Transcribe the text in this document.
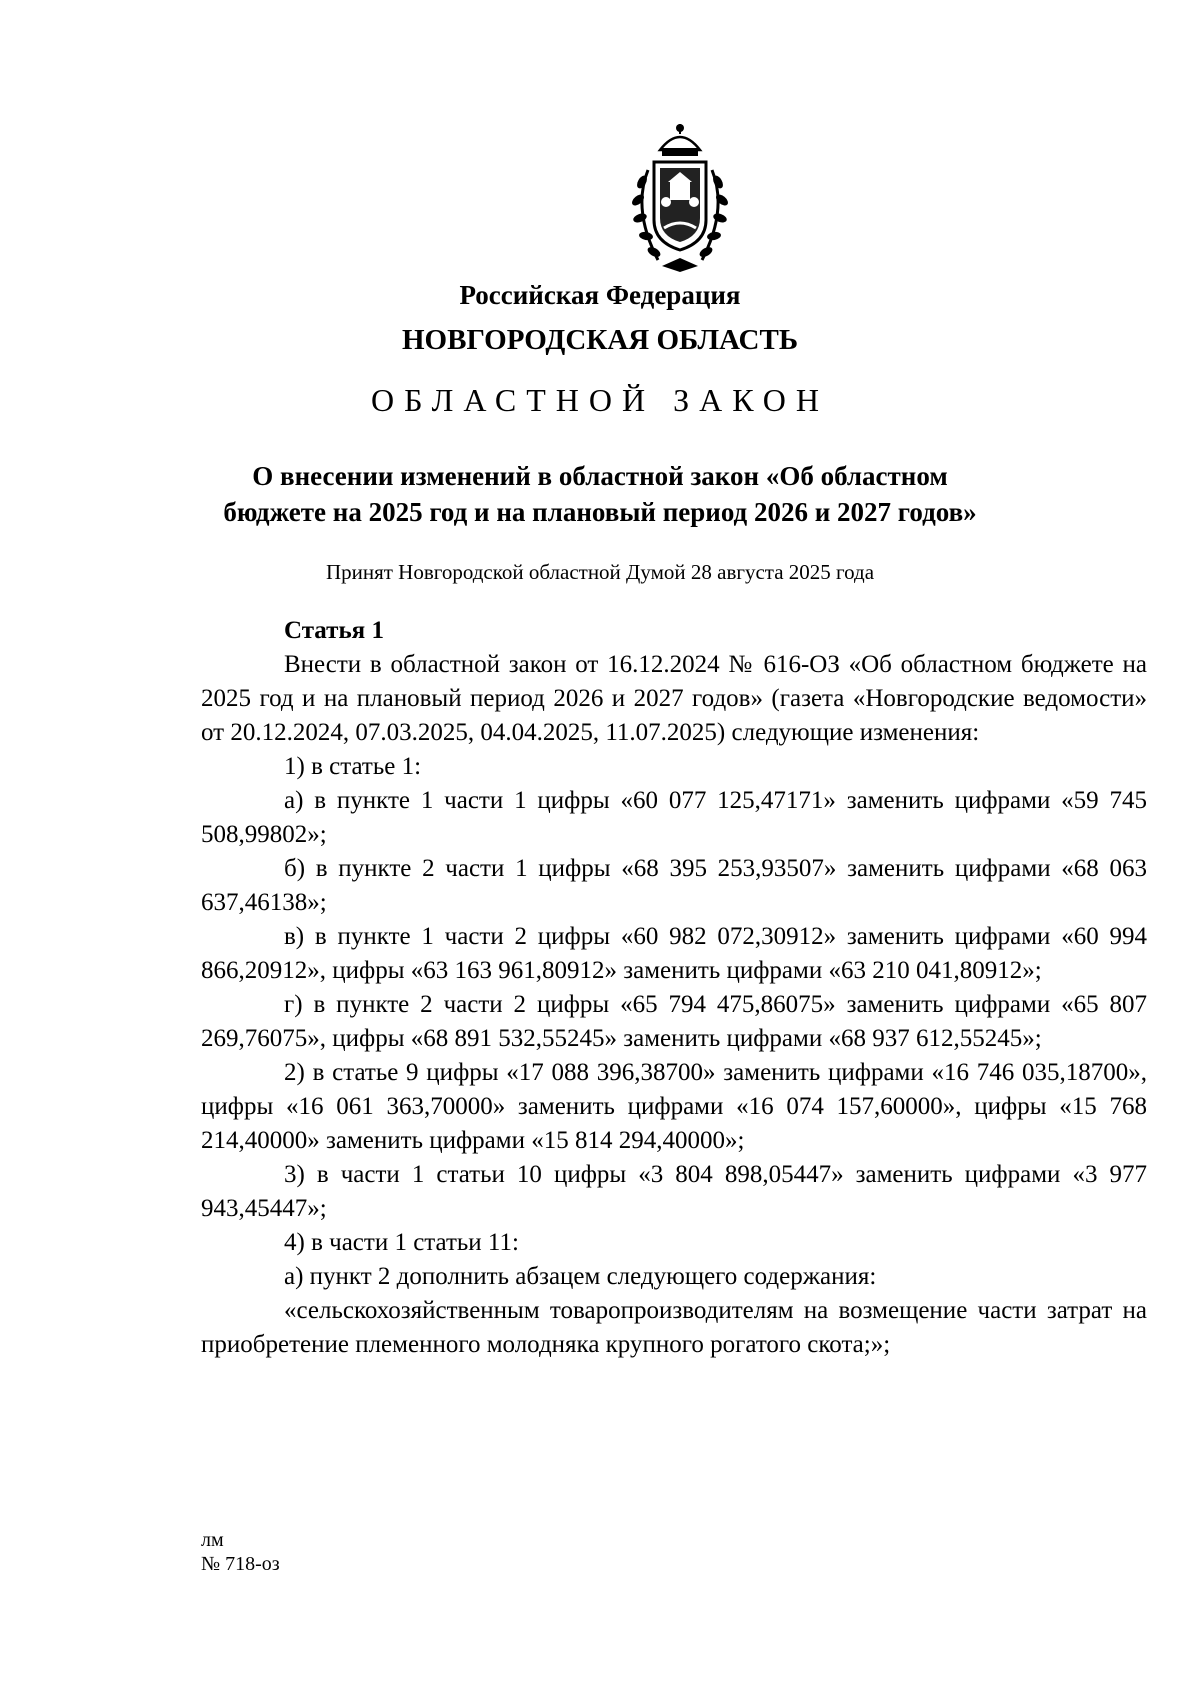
Российская Федерация
НОВГОРОДСКАЯ ОБЛАСТЬ
ОБЛАСТНОЙ ЗАКОН
О внесении изменений в областной закон «Об областном
бюджете на 2025 год и на плановый период 2026 и 2027 годов»
Принят Новгородской областной Думой 28 августа 2025 года

Статья 1

Внести в областной закон от 16.12.2024 № 616-ОЗ «Об областном бюджете на 2025 год и на плановый период 2026 и 2027 годов» (газета «Новгородские ведомости» от 20.12.2024, 07.03.2025, 04.04.2025, 11.07.2025) следующие изменения:

1) в статье 1:

а) в пункте 1 части 1 цифры «60 077 125,47171» заменить цифрами «59 745 508,99802»;

б) в пункте 2 части 1 цифры «68 395 253,93507» заменить цифрами «68 063 637,46138»;

в) в пункте 1 части 2 цифры «60 982 072,30912» заменить цифрами «60 994 866,20912», цифры «63 163 961,80912» заменить цифрами «63 210 041,80912»;

г) в пункте 2 части 2 цифры «65 794 475,86075» заменить цифрами «65 807 269,76075», цифры «68 891 532,55245» заменить цифрами «68 937 612,55245»;

2) в статье 9 цифры «17 088 396,38700» заменить цифрами «16 746 035,18700», цифры «16 061 363,70000» заменить цифрами «16 074 157,60000», цифры «15 768 214,40000» заменить цифрами «15 814 294,40000»;

3) в части 1 статьи 10 цифры «3 804 898,05447» заменить цифрами «3 977 943,45447»;

4) в части 1 статьи 11:

а) пункт 2 дополнить абзацем следующего содержания:

«сельскохозяйственным товаропроизводителям на возмещение части затрат на приобретение племенного молодняка крупного рогатого скота;»;

лм
№ 718-оз
